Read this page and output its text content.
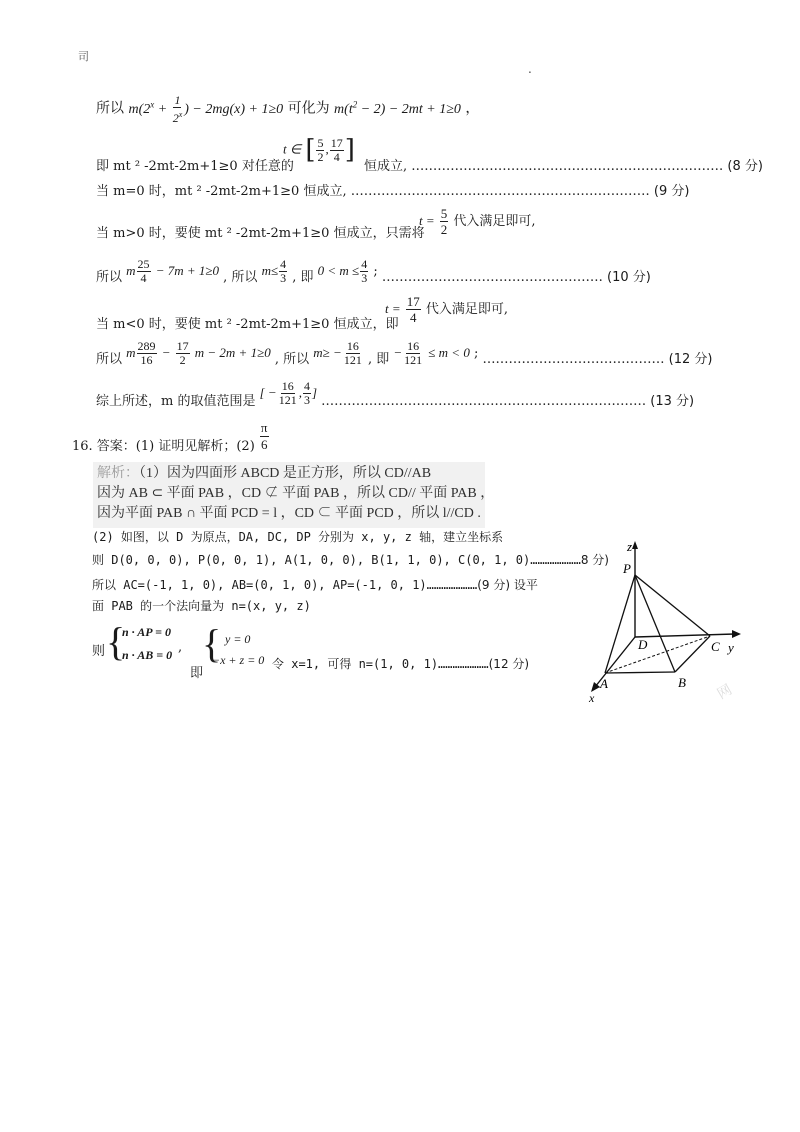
司
.
所以 $m(2^x + \frac{1}{2^x}$ ) − 2mg(x) + 1≥0 可化为 $m(t^2 - 2) - 2mt + 1\ge 0$ ，
t ∈ [ $\frac{5}{2}$ , $\frac{17}{4}$ ]
即 mt ² -2mt-2m+1≥0 对任意的	恒成立, ……………………………………………………………… (8 分)
当 m=0 时，mt ² -2mt-2m+1≥0 恒成立, …………………………………………………………… (9 分)
当 m>0 时，要使 mt ² -2mt-2m+1≥0 恒成立，只需将
$t = \frac{5}{2}$ 代入满足即可,
所以 m $\frac{25}{4} - 7m + 1\ge 0$ , 所以 $m\le \frac{4}{3}$ , 即 $0 < m \le \frac{4}{3}$ ; …………………………………………… (10 分)
当 m<0 时，要使 mt ² -2mt-2m+1≥0 恒成立，即
$t = \frac{17}{4}$ 代入满足即可,
所以 m $\frac{289}{16} - \frac{17}{2}$ m − 2m + 1≥0 , 所以 $m\ge - \frac{16}{121}$ , 即 − $\frac{16}{121} \le m < 0$ ; …………………………………… (12 分)
综上所述，m 的取值范围是 [ − $\frac{16}{121}$ , $\frac{4}{3}$ ] ………………………………………………………………… (13 分)
16. 答案：(1) 证明见解析；$(2) \frac{\pi}{6}$
解析：（1）因为四面形 ABCD 是正方形，所以 CD//AB
因为 AB ⊂ 平面 PAB ，CD ⊄ 平面 PAB ，所以 CD// 平面 PAB ，
因为平面 PAB ∩ 平面 PCD = l ，CD ⊂ 平面 PCD ，所以 l//CD .
(2) 如图，以 D 为原点，DA, DC, DP 分别为 x, y, z 轴，建立坐标系
则 D(0, 0, 0), P(0, 0, 1), A(1, 0, 0), B(1, 1, 0), C(0, 1, 0)…………………8 分)
所以 AC=(-1, 1, 0), AB=(0, 1, 0), AP=(-1, 0, 1)…………………(9 分) 设平
面 PAB 的一个法向量为 n=(x, y, z)
则 {
n · AP = 0
n · AB = 0 ,
即
{ y = 0
−x + z = 0 令 x=1, 可得 n=(1, 0, 1)…………………(12 分)
z
y
x
P
D	C
A	B 网
